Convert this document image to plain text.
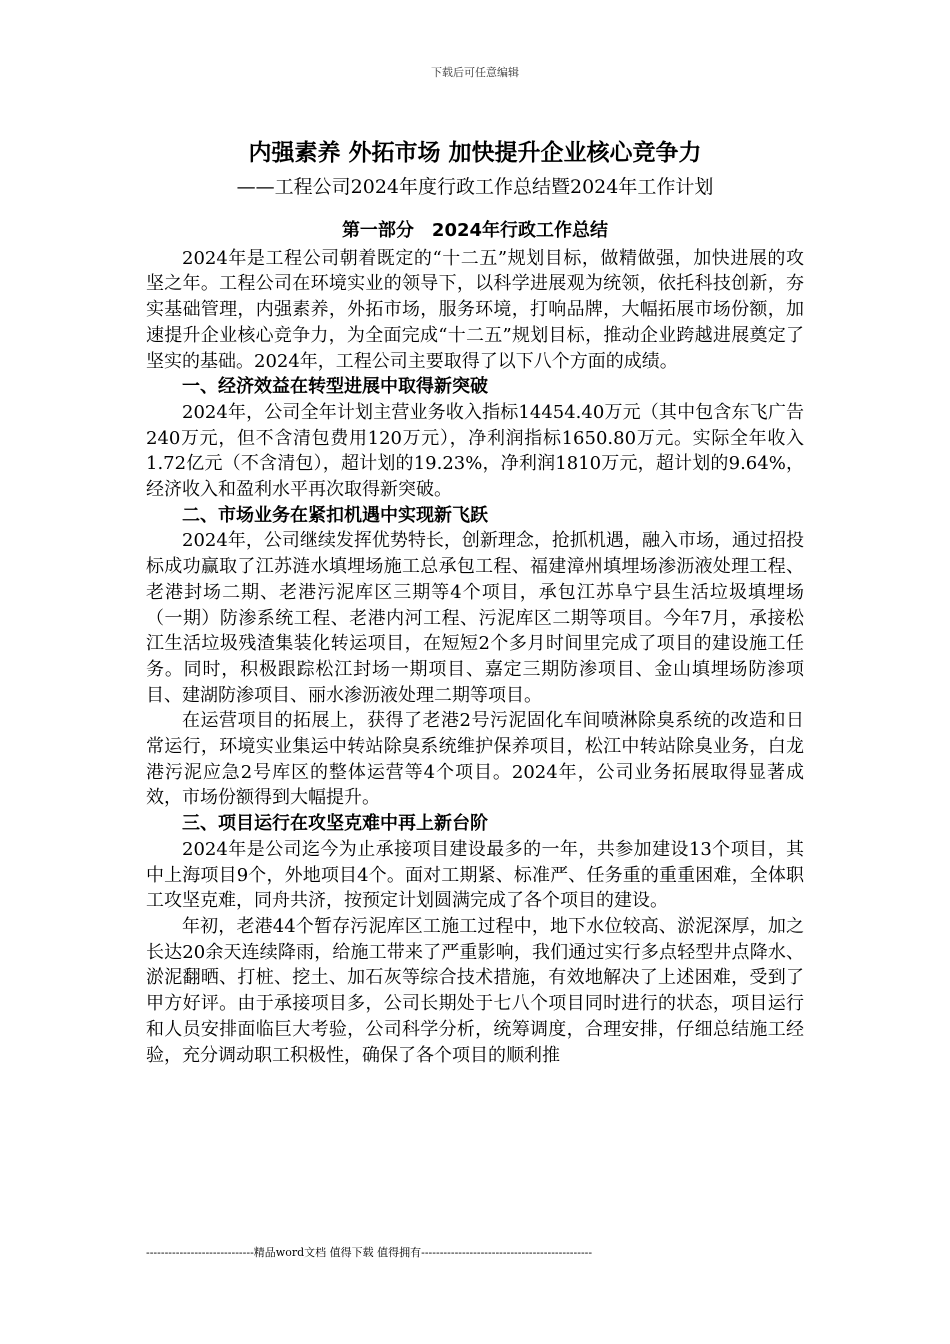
下载后可任意编辑
内强素养 外拓市场 加快提升企业核心竞争力
——工程公司2024年度行政工作总结暨2024年工作计划
第一部分　2024年行政工作总结

2024年是工程公司朝着既定的“十二五”规划目标，做精做强，加快进展的攻坚之年。工程公司在环境实业的领导下，以科学进展观为统领，依托科技创新，夯实基础管理，内强素养，外拓市场，服务环境，打响品牌，大幅拓展市场份额，加速提升企业核心竞争力，为全面完成“十二五”规划目标，推动企业跨越进展奠定了坚实的基础。2024年，工程公司主要取得了以下八个方面的成绩。

一、经济效益在转型进展中取得新突破

2024年，公司全年计划主营业务收入指标14454.40万元（其中包含东飞广告240万元，但不含清包费用120万元），净利润指标1650.80万元。实际全年收入1.72亿元（不含清包），超计划的19.23%，净利润1810万元，超计划的9.64%，经济收入和盈利水平再次取得新突破。

二、市场业务在紧扣机遇中实现新飞跃

2024年，公司继续发挥优势特长，创新理念，抢抓机遇，融入市场，通过招投标成功赢取了江苏涟水填埋场施工总承包工程、福建漳州填埋场渗沥液处理工程、老港封场二期、老港污泥库区三期等4个项目，承包江苏阜宁县生活垃圾填埋场（一期）防渗系统工程、老港内河工程、污泥库区二期等项目。今年7月，承接松江生活垃圾残渣集装化转运项目，在短短2个多月时间里完成了项目的建设施工任务。同时，积极跟踪松江封场一期项目、嘉定三期防渗项目、金山填埋场防渗项目、建湖防渗项目、丽水渗沥液处理二期等项目。

在运营项目的拓展上，获得了老港2号污泥固化车间喷淋除臭系统的改造和日常运行，环境实业集运中转站除臭系统维护保养项目，松江中转站除臭业务，白龙港污泥应急2号库区的整体运营等4个项目。2024年，公司业务拓展取得显著成效，市场份额得到大幅提升。

三、项目运行在攻坚克难中再上新台阶

2024年是公司迄今为止承接项目建设最多的一年，共参加建设13个项目，其中上海项目9个，外地项目4个。面对工期紧、标准严、任务重的重重困难，全体职工攻坚克难，同舟共济，按预定计划圆满完成了各个项目的建设。

年初，老港44个暂存污泥库区工施工过程中，地下水位较高、淤泥深厚，加之长达20余天连续降雨，给施工带来了严重影响，我们通过实行多点轻型井点降水、淤泥翻晒、打桩、挖土、加石灰等综合技术措施，有效地解决了上述困难，受到了甲方好评。由于承接项目多，公司长期处于七八个项目同时进行的状态，项目运行和人员安排面临巨大考验，公司科学分析，统筹调度，合理安排，仔细总结施工经验，充分调动职工积极性，确保了各个项目的顺利推

-----------------------------精品word文档 值得下载 值得拥有----------------------------------------------
